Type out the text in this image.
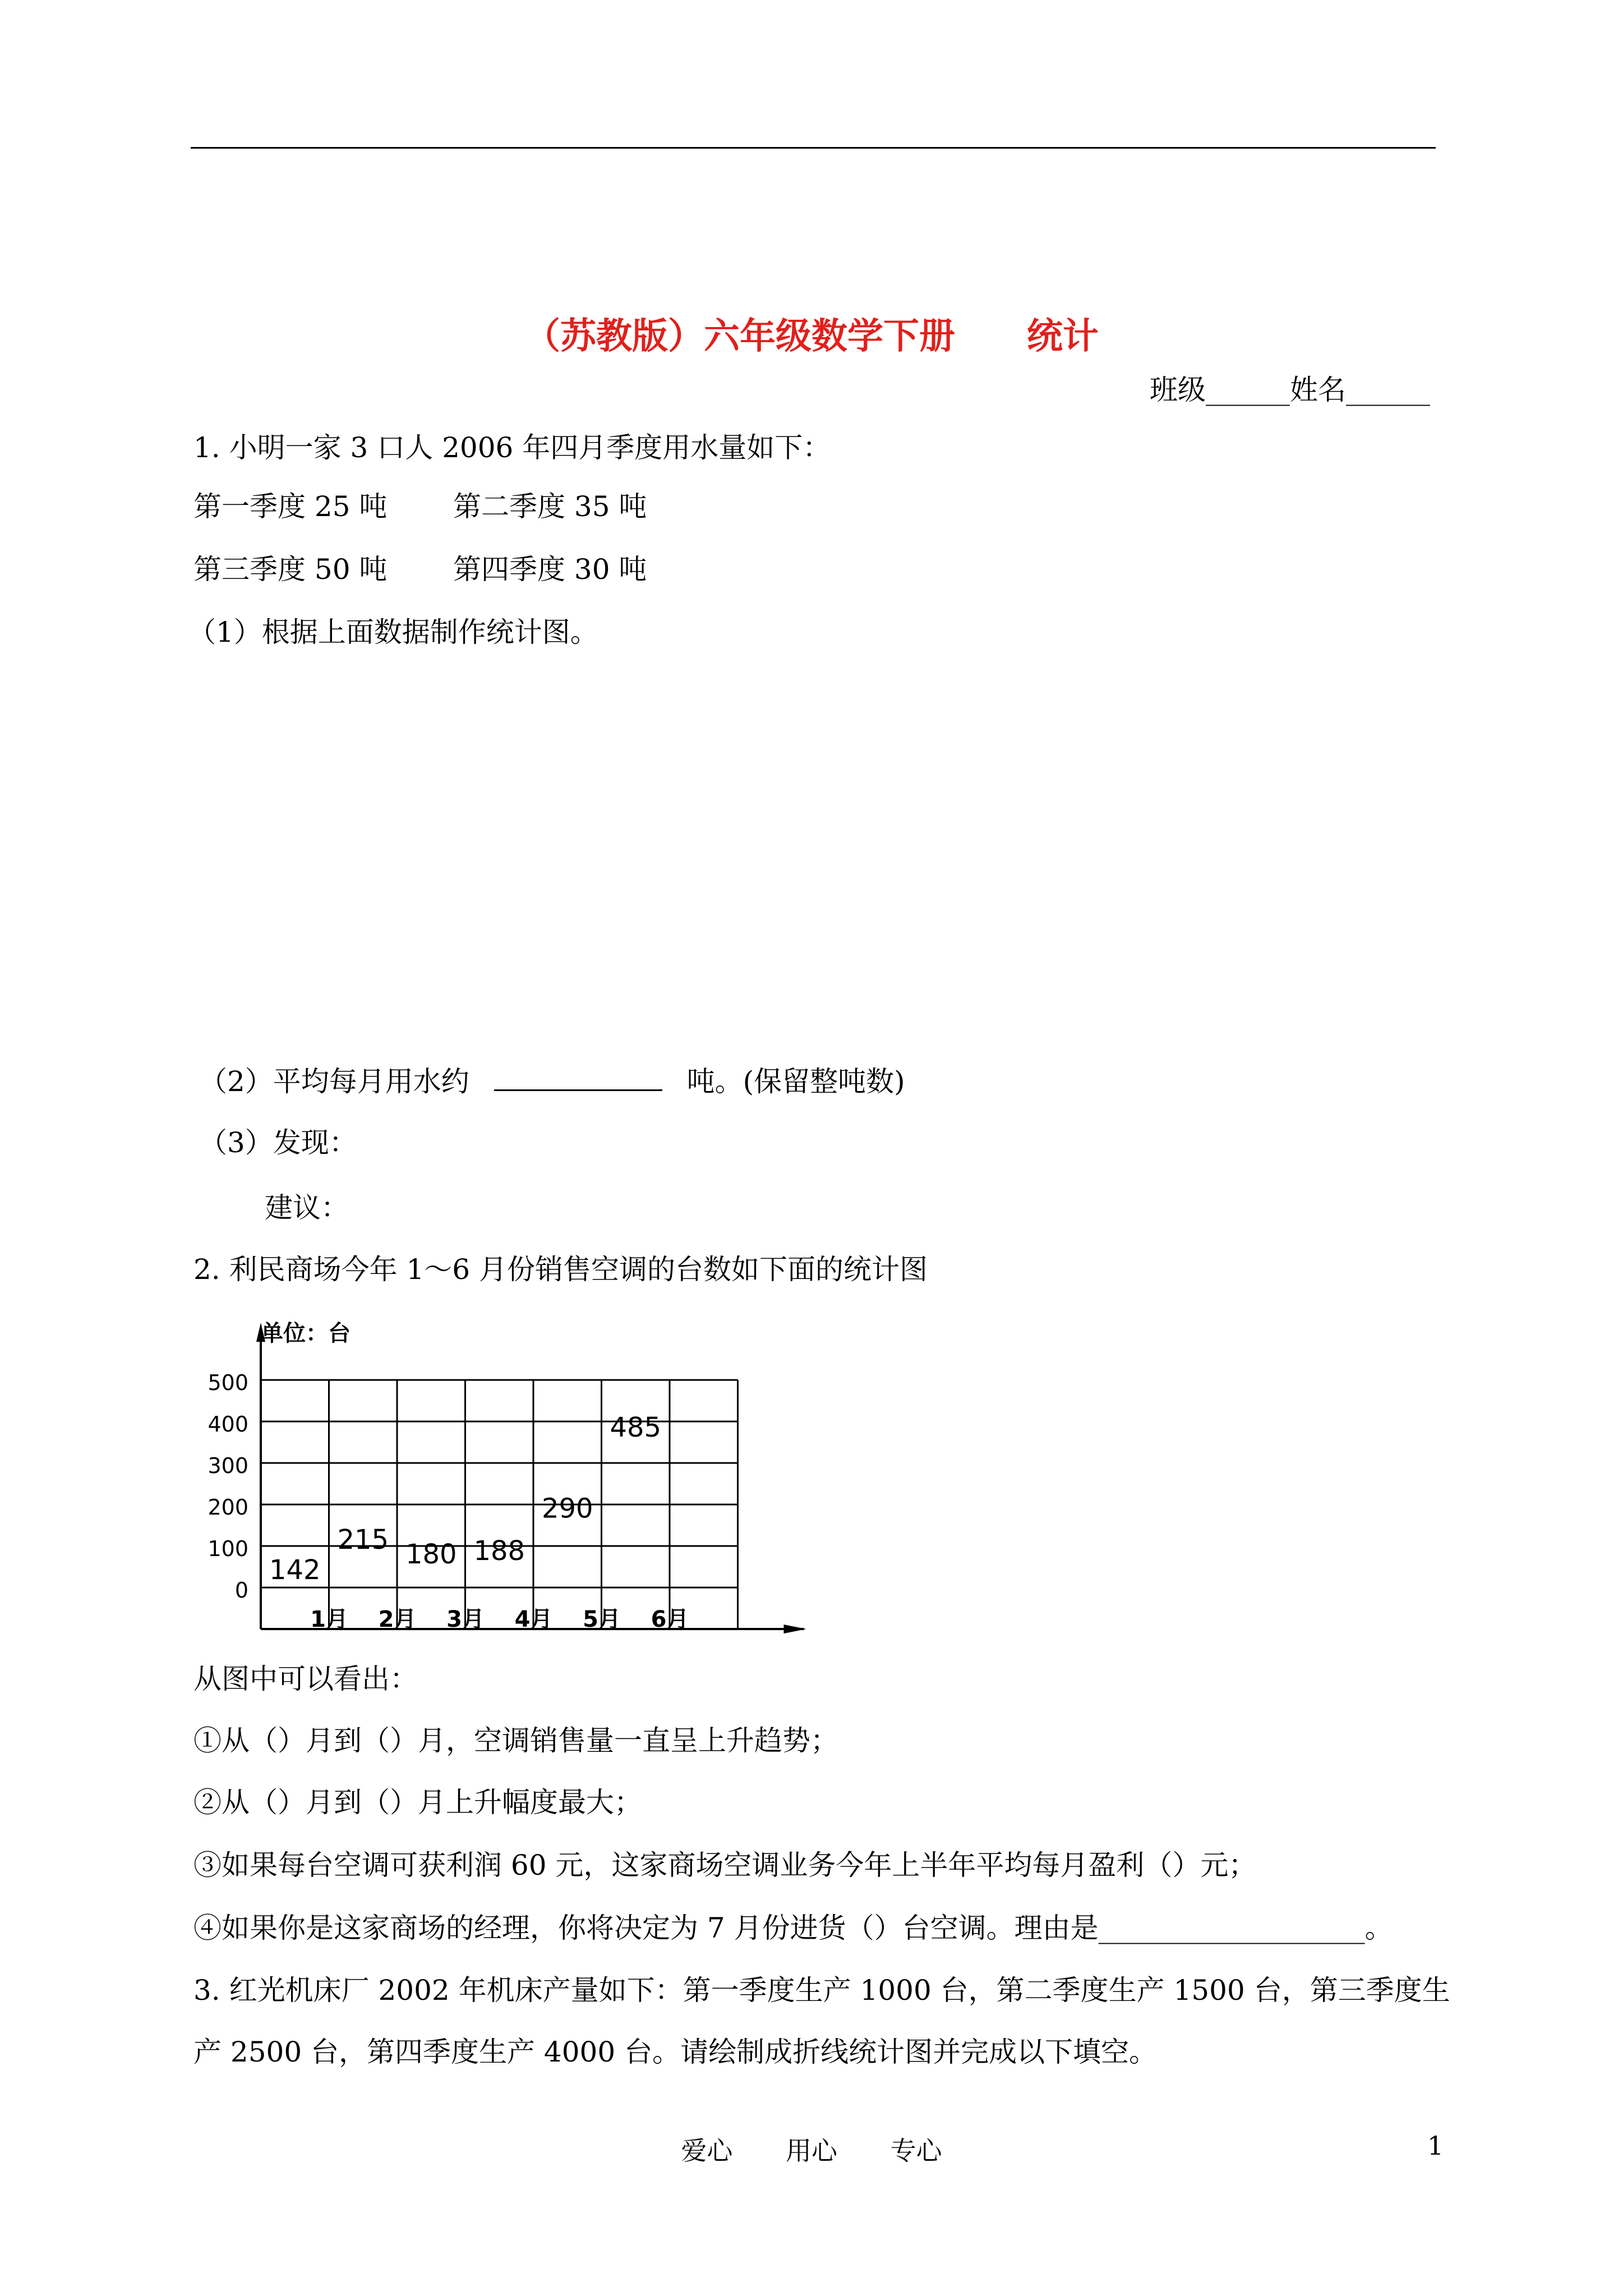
（苏教版）六年级数学下册　　统计
班级______姓名______
1. 小明一家 3 口人 2006 年四月季度用水量如下：
第一季度 25 吨 第二季度 35 吨
第三季度 50 吨 第四季度 30 吨
（1）根据上面数据制作统计图。
（2）平均每月用水约	吨。(保留整吨数)
（3）发现：
建议：
2. 利民商场今年 1～6 月份销售空调的台数如下面的统计图
500
400
300
200
100
0
1月 2月 3月 4月 5月 6月
142
215 180 188
290
485
单位：台
从图中可以看出：
①从（）月到（）月，空调销售量一直呈上升趋势；
②从（）月到（）月上升幅度最大；
③如果每台空调可获利润 60 元，这家商场空调业务今年上半年平均每月盈利（）元；
④如果你是这家商场的经理，你将决定为 7 月份进货（）台空调。理由是___________________。
3. 红光机床厂 2002 年机床产量如下：第一季度生产 1000 台，第二季度生产 1500 台，第三季度生
产 2500 台，第四季度生产 4000 台。请绘制成折线统计图并完成以下填空。
爱心 用心 专心	1
